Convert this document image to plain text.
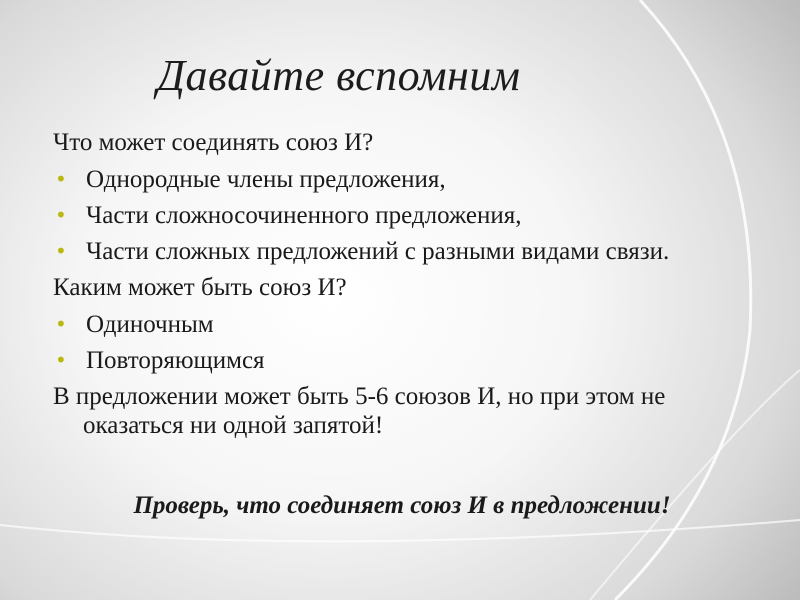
Давайте вспомним
Что может соединять союз И?
• Однородные члены предложения,
• Части сложносочиненного предложения,
• Части сложных предложений с разными видами связи.
Каким может быть союз И?
• Одиночным
• Повторяющимся
В предложении может быть 5-6 союзов И, но при этом не оказаться ни одной запятой!
Проверь, что соединяет союз И в предложении!
